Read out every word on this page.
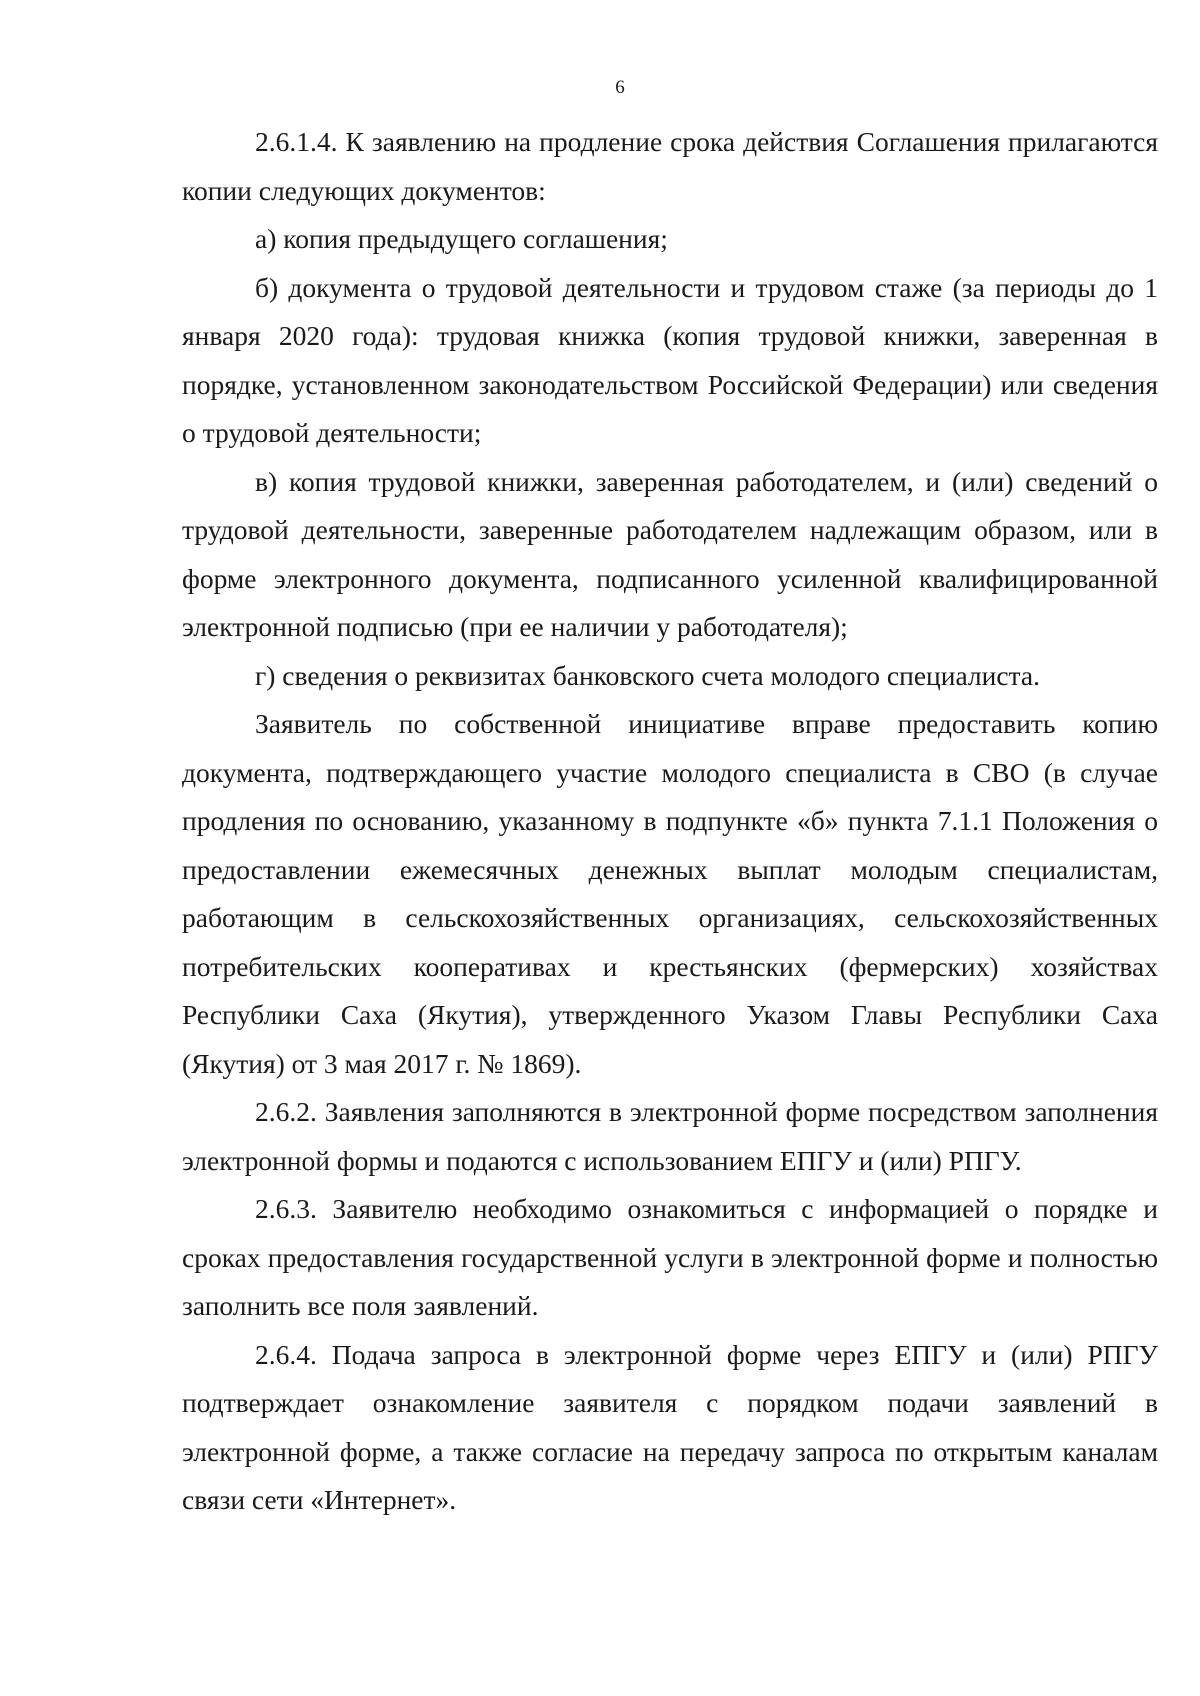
6

2.6.1.4. К заявлению на продление срока действия Соглашения прилагаются копии следующих документов:

а) копия предыдущего соглашения;

б) документа о трудовой деятельности и трудовом стаже (за периоды до 1 января 2020 года): трудовая книжка (копия трудовой книжки, заверенная в порядке, установленном законодательством Российской Федерации) или сведения о трудовой деятельности;

в) копия трудовой книжки, заверенная работодателем, и (или) сведений о трудовой деятельности, заверенные работодателем надлежащим образом, или в форме электронного документа, подписанного усиленной квалифицированной электронной подписью (при ее наличии у работодателя);

г) сведения о реквизитах банковского счета молодого специалиста.

Заявитель по собственной инициативе вправе предоставить копию документа, подтверждающего участие молодого специалиста в СВО (в случае продления по основанию, указанному в подпункте «б» пункта 7.1.1 Положения о предоставлении ежемесячных денежных выплат молодым специалистам, работающим в сельскохозяйственных организациях, сельскохозяйственных потребительских кооперативах и крестьянских (фермерских) хозяйствах Республики Саха (Якутия), утвержденного Указом Главы Республики Саха (Якутия) от 3 мая 2017 г. № 1869).

2.6.2. Заявления заполняются в электронной форме посредством заполнения электронной формы и подаются с использованием ЕПГУ и (или) РПГУ.

2.6.3. Заявителю необходимо ознакомиться с информацией о порядке и сроках предоставления государственной услуги в электронной форме и полностью заполнить все поля заявлений.

2.6.4. Подача запроса в электронной форме через ЕПГУ и (или) РПГУ подтверждает ознакомление заявителя с порядком подачи заявлений в электронной форме, а также согласие на передачу запроса по открытым каналам связи сети «Интернет».
